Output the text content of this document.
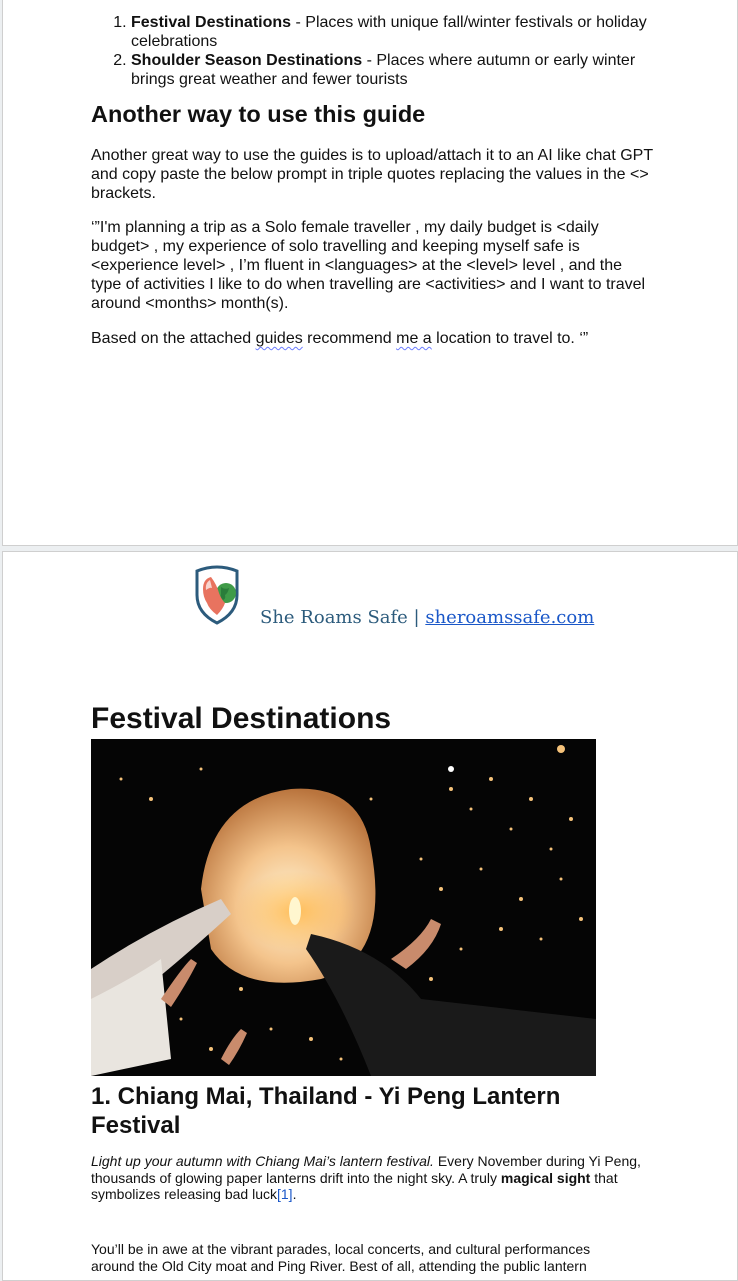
1. Festival Destinations - Places with unique fall/winter festivals or holiday celebrations
2. Shoulder Season Destinations - Places where autumn or early winter brings great weather and fewer tourists
Another way to use this guide

Another great way to use the guides is to upload/attach it to an AI like chat GPT and copy paste the below prompt in triple quotes replacing the values in the <> brackets.

‘”I'm planning a trip as a Solo female traveller , my daily budget is <daily budget> , my experience of solo travelling and keeping myself safe is <experience level> , I’m fluent in <languages> at the <level> level , and the type of activities I like to do when travelling are <activities> and I want to travel around <months> month(s).

Based on the attached guides recommend me a location to travel to. ‘”

She Roams Safe | sheroamssafe.com
Festival Destinations
1. Chiang Mai, Thailand - Yi Peng Lantern Festival

Light up your autumn with Chiang Mai’s lantern festival. Every November during Yi Peng, thousands of glowing paper lanterns drift into the night sky. A truly magical sight that symbolizes releasing bad luck[1].

You’ll be in awe at the vibrant parades, local concerts, and cultural performances around the Old City moat and Ping River. Best of all, attending the public lantern
